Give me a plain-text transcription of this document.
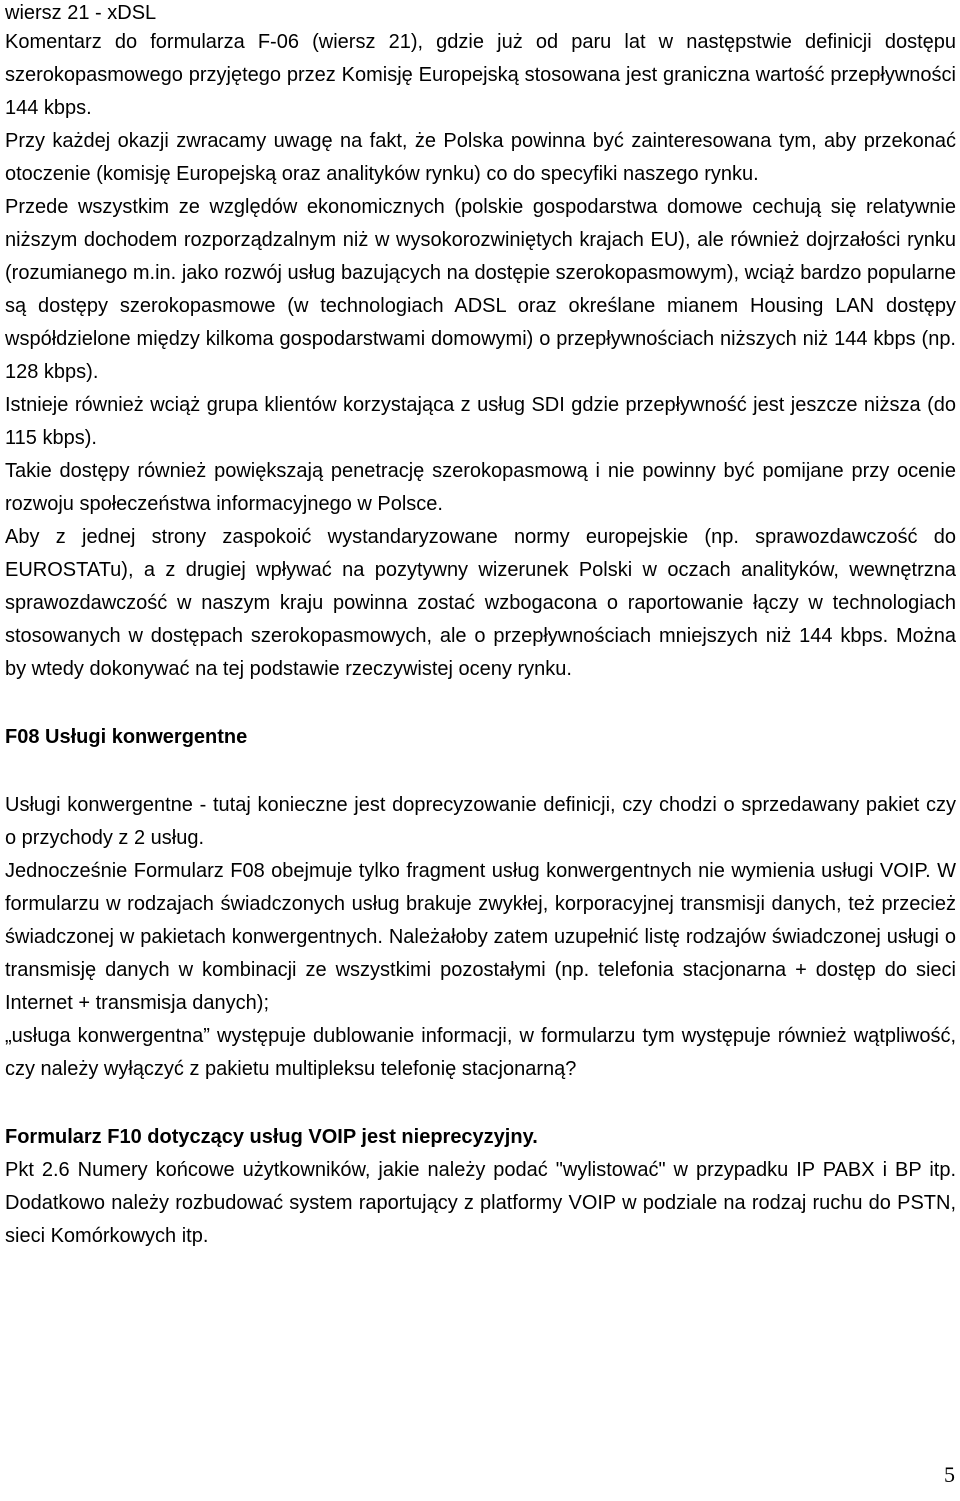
wiersz 21 - xDSL

Komentarz do formularza F-06 (wiersz 21), gdzie już od paru lat w następstwie definicji dostępu szerokopasmowego przyjętego przez Komisję Europejską stosowana jest graniczna wartość przepływności 144 kbps.

Przy każdej okazji zwracamy uwagę na fakt, że Polska powinna być zainteresowana tym, aby przekonać otoczenie (komisję Europejską oraz analityków rynku) co do specyfiki naszego rynku.

Przede wszystkim ze względów ekonomicznych (polskie gospodarstwa domowe cechują się relatywnie niższym dochodem rozporządzalnym niż w wysokorozwiniętych krajach EU), ale również dojrzałości rynku (rozumianego m.in. jako rozwój usług bazujących na dostępie szerokopasmowym), wciąż bardzo popularne są dostępy szerokopasmowe (w technologiach ADSL oraz określane mianem Housing LAN dostępy współdzielone między kilkoma gospodarstwami domowymi) o przepływnościach niższych niż 144 kbps (np. 128 kbps).

Istnieje również wciąż grupa klientów korzystająca z usług SDI gdzie przepływność jest jeszcze niższa (do 115 kbps).

Takie dostępy również powiększają penetrację szerokopasmową i nie powinny być pomijane przy ocenie rozwoju społeczeństwa informacyjnego w Polsce.

Aby z jednej strony zaspokoić wystandaryzowane normy europejskie (np. sprawozdawczość do EUROSTATu), a z drugiej wpływać na pozytywny wizerunek Polski w oczach analityków, wewnętrzna sprawozdawczość w naszym kraju powinna zostać wzbogacona o raportowanie łączy w technologiach stosowanych w dostępach szerokopasmowych, ale o przepływnościach mniejszych niż 144 kbps. Można by wtedy dokonywać na tej podstawie rzeczywistej oceny rynku.

F08 Usługi konwergentne

Usługi konwergentne - tutaj konieczne jest doprecyzowanie definicji, czy chodzi o sprzedawany pakiet czy o przychody z 2 usług.

Jednocześnie Formularz F08 obejmuje tylko fragment usług konwergentnych nie wymienia usługi VOIP. W formularzu w rodzajach świadczonych usług brakuje zwykłej, korporacyjnej transmisji danych, też przecież świadczonej w pakietach konwergentnych. Należałoby zatem uzupełnić listę rodzajów świadczonej usługi o transmisję danych w kombinacji ze wszystkimi pozostałymi (np. telefonia stacjonarna + dostęp do sieci Internet + transmisja danych);

„usługa konwergentna” występuje dublowanie informacji, w formularzu tym występuje również wątpliwość, czy należy wyłączyć z pakietu multipleksu telefonię stacjonarną?

Formularz F10 dotyczący usług VOIP jest nieprecyzyjny.

Pkt 2.6 Numery końcowe użytkowników, jakie należy podać "wylistować" w przypadku IP PABX i BP itp. Dodatkowo należy rozbudować system raportujący z platformy VOIP w podziale na rodzaj ruchu do PSTN, sieci Komórkowych itp.

5
